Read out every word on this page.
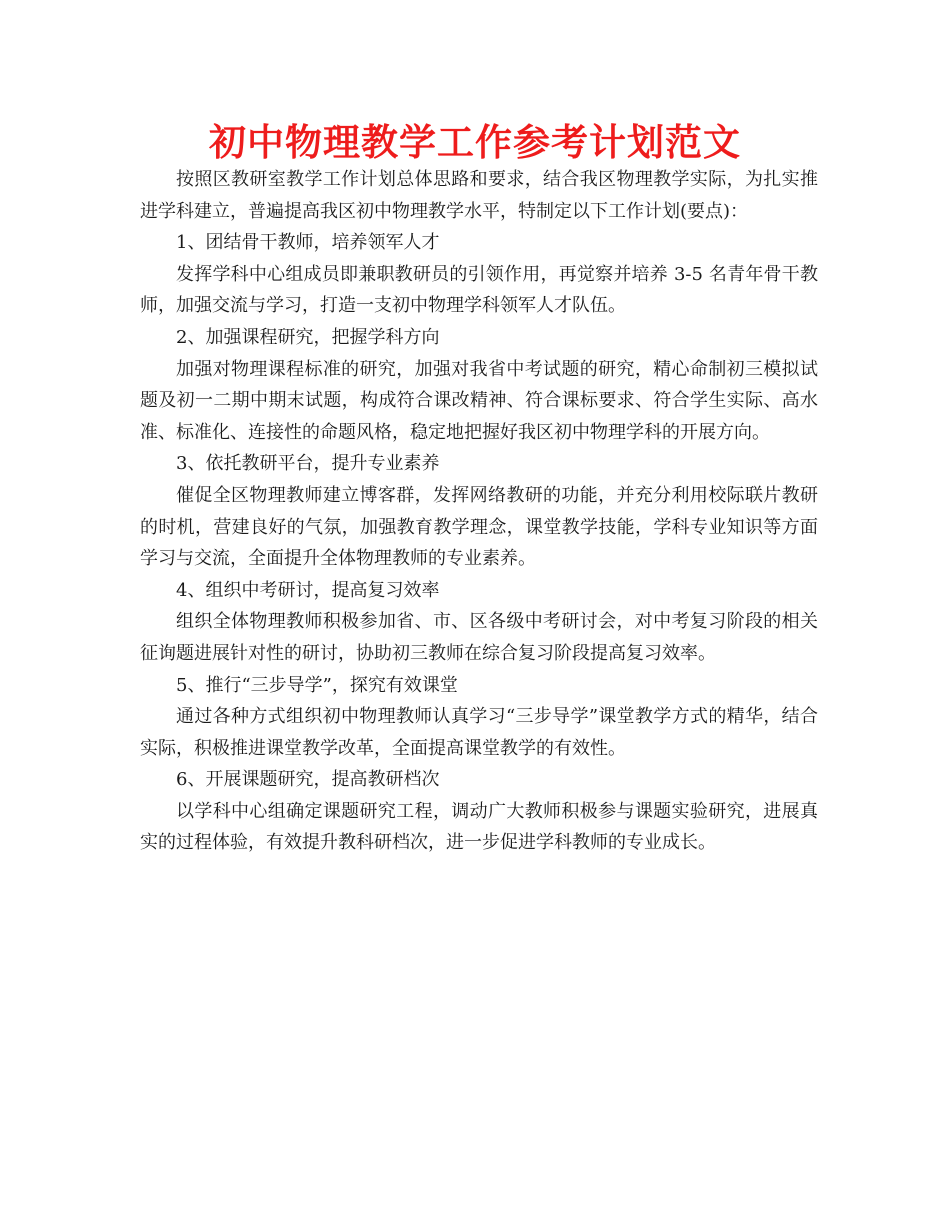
初中物理教学工作参考计划范文

按照区教研室教学工作计划总体思路和要求，结合我区物理教学实际，为扎实推进学科建立，普遍提高我区初中物理教学水平，特制定以下工作计划(要点)：

1、团结骨干教师，培养领军人才

发挥学科中心组成员即兼职教研员的引领作用，再觉察并培养 3-5 名青年骨干教师，加强交流与学习，打造一支初中物理学科领军人才队伍。

2、加强课程研究，把握学科方向

加强对物理课程标准的研究，加强对我省中考试题的研究，精心命制初三模拟试题及初一二期中期末试题，构成符合课改精神、符合课标要求、符合学生实际、高水准、标准化、连接性的命题风格，稳定地把握好我区初中物理学科的开展方向。

3、依托教研平台，提升专业素养

催促全区物理教师建立博客群，发挥网络教研的功能，并充分利用校际联片教研的时机，营建良好的气氛，加强教育教学理念，课堂教学技能，学科专业知识等方面学习与交流，全面提升全体物理教师的专业素养。

4、组织中考研讨，提高复习效率

组织全体物理教师积极参加省、市、区各级中考研讨会，对中考复习阶段的相关征询题进展针对性的研讨，协助初三教师在综合复习阶段提高复习效率。

5、推行“三步导学”，探究有效课堂

通过各种方式组织初中物理教师认真学习“三步导学”课堂教学方式的精华，结合实际，积极推进课堂教学改革，全面提高课堂教学的有效性。

6、开展课题研究，提高教研档次

以学科中心组确定课题研究工程，调动广大教师积极参与课题实验研究，进展真实的过程体验，有效提升教科研档次，进一步促进学科教师的专业成长。
